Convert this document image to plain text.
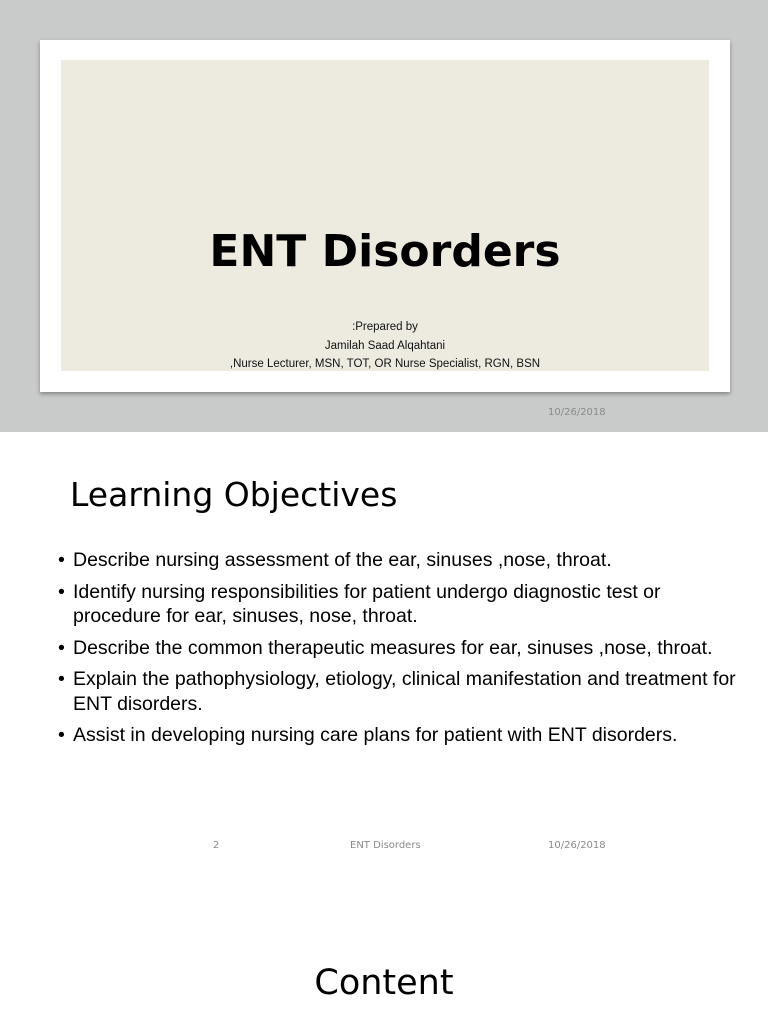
ENT Disorders
:Prepared by
Jamilah Saad Alqahtani
,Nurse Lecturer, MSN, TOT, OR Nurse Specialist, RGN, BSN
10/26/2018
Learning Objectives
• Describe nursing assessment of the ear, sinuses ,nose, throat.
• Identify nursing responsibilities for patient undergo diagnostic test or procedure for ear, sinuses, nose, throat.
• Describe the common therapeutic measures for ear, sinuses ,nose, throat.
• Explain the pathophysiology, etiology, clinical manifestation and treatment for ENT disorders.
• Assist in developing nursing care plans for patient with ENT disorders.
2	ENT Disorders	10/26/2018
Content
